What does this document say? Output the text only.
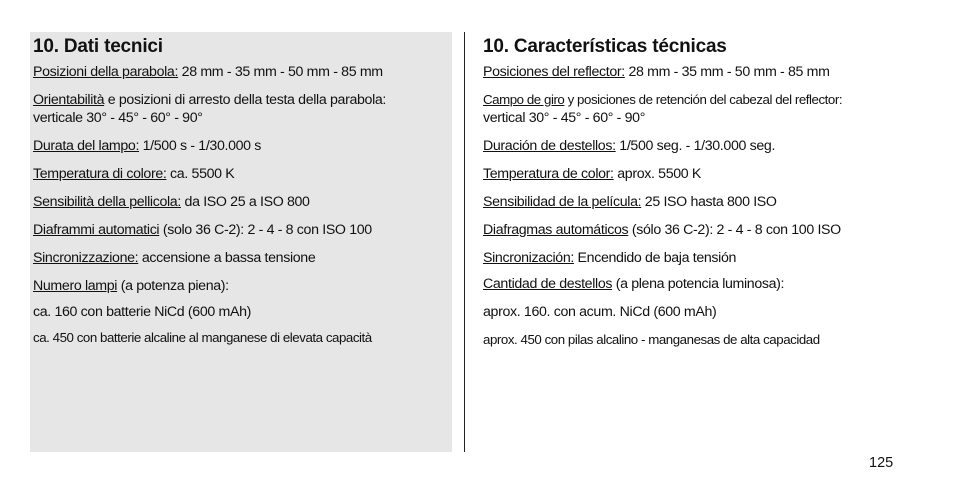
10. Dati tecnici
Posizioni della parabola: 28 mm - 35 mm - 50 mm - 85 mm
Orientabilità e posizioni di arresto della testa della parabola:
verticale 30° - 45° - 60° - 90°
Durata del lampo: 1/500 s - 1/30.000 s
Temperatura di colore: ca. 5500 K
Sensibilità della pellicola: da ISO 25 a ISO 800
Diaframmi automatici (solo 36 C-2): 2 - 4 - 8 con ISO 100
Sincronizzazione: accensione a bassa tensione
Numero lampi (a potenza piena):
ca. 160 con batterie NiCd (600 mAh)
ca. 450 con batterie alcaline al manganese di elevata capacità
10. Características técnicas
Posiciones del reflector: 28 mm - 35 mm - 50 mm - 85 mm
Campo de giro y posiciones de retención del cabezal del reflector:
vertical 30° - 45° - 60° - 90°
Duración de destellos: 1/500 seg. - 1/30.000 seg.
Temperatura de color: aprox. 5500 K
Sensibilidad de la película: 25 ISO hasta 800 ISO
Diafragmas automáticos (sólo 36 C-2): 2 - 4 - 8 con 100 ISO
Sincronización: Encendido de baja tensión
Cantidad de destellos (a plena potencia luminosa):
aprox. 160. con acum. NiCd (600 mAh)
aprox. 450 con pilas alcalino - manganesas de alta capacidad
125
